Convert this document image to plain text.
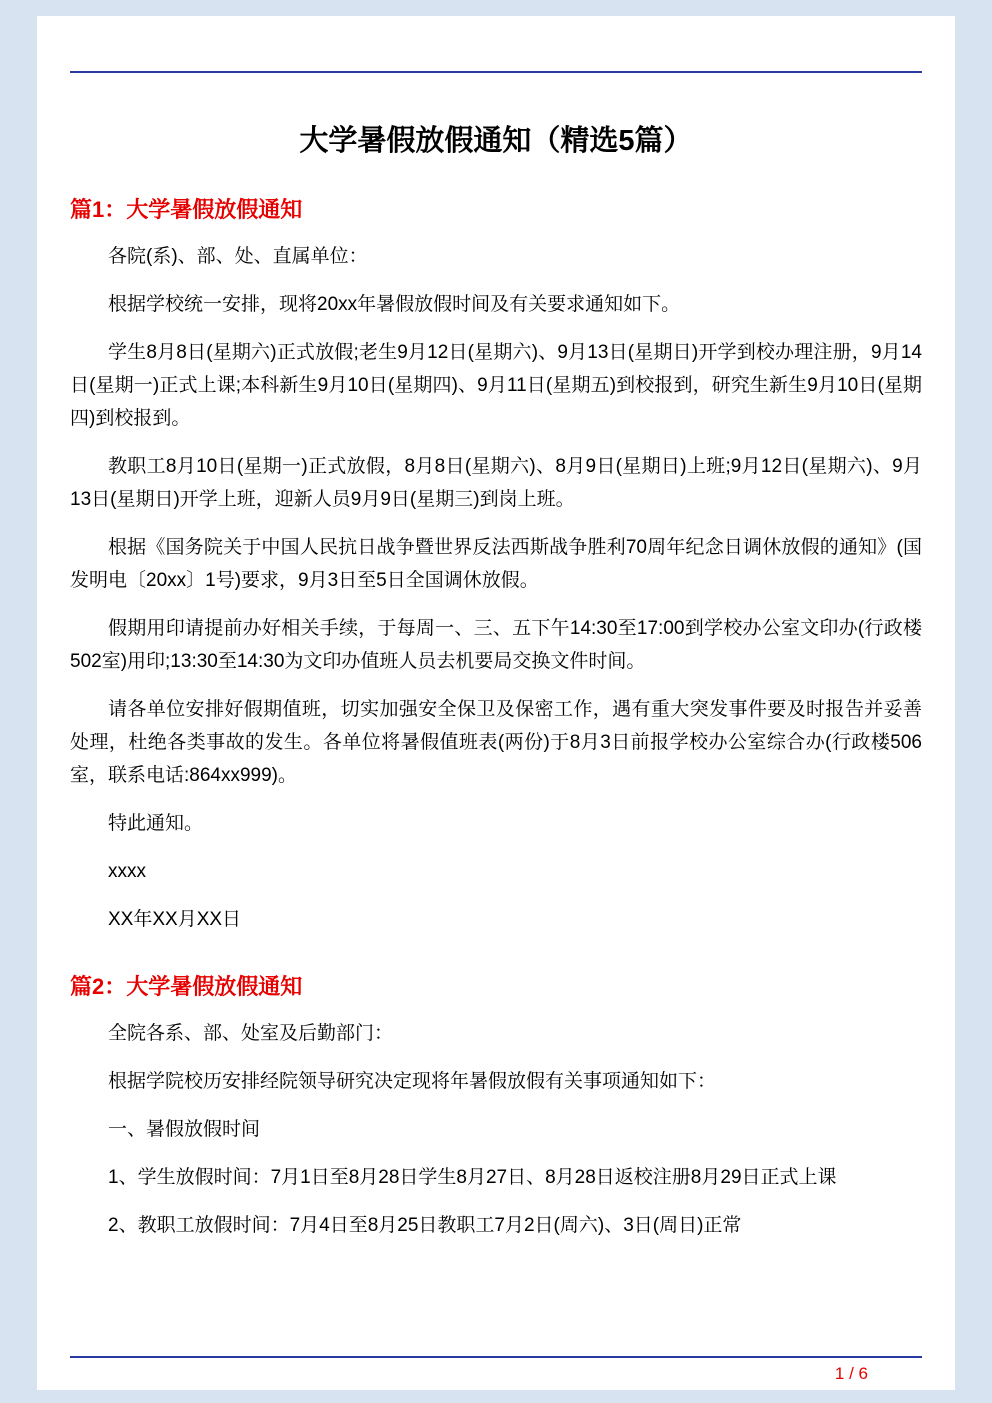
大学暑假放假通知（精选5篇）
篇1：大学暑假放假通知

各院(系)、部、处、直属单位：

根据学校统一安排，现将20xx年暑假放假时间及有关要求通知如下。

学生8月8日(星期六)正式放假;老生9月12日(星期六)、9月13日(星期日)开学到校办理注册，9月14日(星期一)正式上课;本科新生9月10日(星期四)、9月11日(星期五)到校报到，研究生新生9月10日(星期四)到校报到。

教职工8月10日(星期一)正式放假，8月8日(星期六)、8月9日(星期日)上班;9月12日(星期六)、9月13日(星期日)开学上班，迎新人员9月9日(星期三)到岗上班。

根据《国务院关于中国人民抗日战争暨世界反法西斯战争胜利70周年纪念日调休放假的通知》(国发明电〔20xx〕1号)要求，9月3日至5日全国调休放假。

假期用印请提前办好相关手续，于每周一、三、五下午14:30至17:00到学校办公室文印办(行政楼502室)用印;13:30至14:30为文印办值班人员去机要局交换文件时间。

请各单位安排好假期值班，切实加强安全保卫及保密工作，遇有重大突发事件要及时报告并妥善处理，杜绝各类事故的发生。各单位将暑假值班表(两份)于8月3日前报学校办公室综合办(行政楼506室，联系电话:864xx999)。

特此通知。

xxxx

XX年XX月XX日

篇2：大学暑假放假通知

全院各系、部、处室及后勤部门：

根据学院校历安排经院领导研究决定现将年暑假放假有关事项通知如下：

一、暑假放假时间

1、学生放假时间：7月1日至8月28日学生8月27日、8月28日返校注册8月29日正式上课

2、教职工放假时间：7月4日至8月25日教职工7月2日(周六)、3日(周日)正常

1 / 6
